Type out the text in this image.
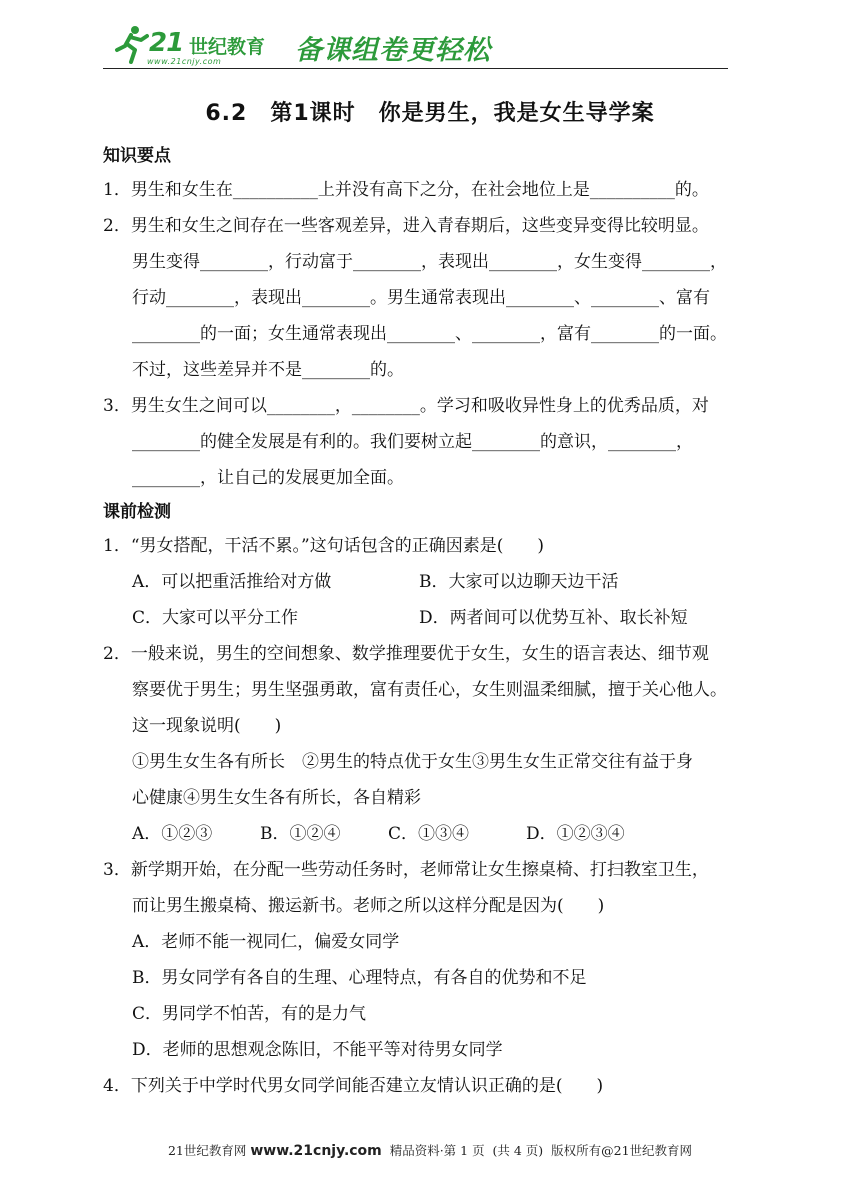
21 世纪教育
www.21cnjy.com	备课组卷更轻松
6.2　第1课时　你是男生，我是女生导学案
知识要点
1．男生和女生在__________上并没有高下之分，在社会地位上是__________的。
2．男生和女生之间存在一些客观差异，进入青春期后，这些变异变得比较明显。
男生变得________，行动富于________，表现出________，女生变得________，
行动________，表现出________。男生通常表现出________、________、富有
________的一面；女生通常表现出________、________，富有________的一面。
不过，这些差异并不是________的。
3．男生女生之间可以________，________。学习和吸收异性身上的优秀品质，对
________的健全发展是有利的。我们要树立起________的意识，________，
________，让自己的发展更加全面。
课前检测
1．“男女搭配，干活不累。”这句话包含的正确因素是(　　)
A．可以把重活推给对方做	B．大家可以边聊天边干活
C．大家可以平分工作	D．两者间可以优势互补、取长补短
2．一般来说，男生的空间想象、数学推理要优于女生，女生的语言表达、细节观
察要优于男生；男生坚强勇敢，富有责任心，女生则温柔细腻，擅于关心他人。
这一现象说明(　　)
①男生女生各有所长　②男生的特点优于女生③男生女生正常交往有益于身
心健康④男生女生各有所长，各自精彩
A．①②③	B．①②④	C．①③④	D．①②③④
3．新学期开始，在分配一些劳动任务时，老师常让女生擦桌椅、打扫教室卫生，
而让男生搬桌椅、搬运新书。老师之所以这样分配是因为(　　)
A．老师不能一视同仁，偏爱女同学
B．男女同学有各自的生理、心理特点，有各自的优势和不足
C．男同学不怕苦，有的是力气
D．老师的思想观念陈旧，不能平等对待男女同学
4．下列关于中学时代男女同学间能否建立友情认识正确的是(　　)
21世纪教育网 www.21cnjy.com  精品资料·第 1 页  (共 4 页)  版权所有@21世纪教育网
